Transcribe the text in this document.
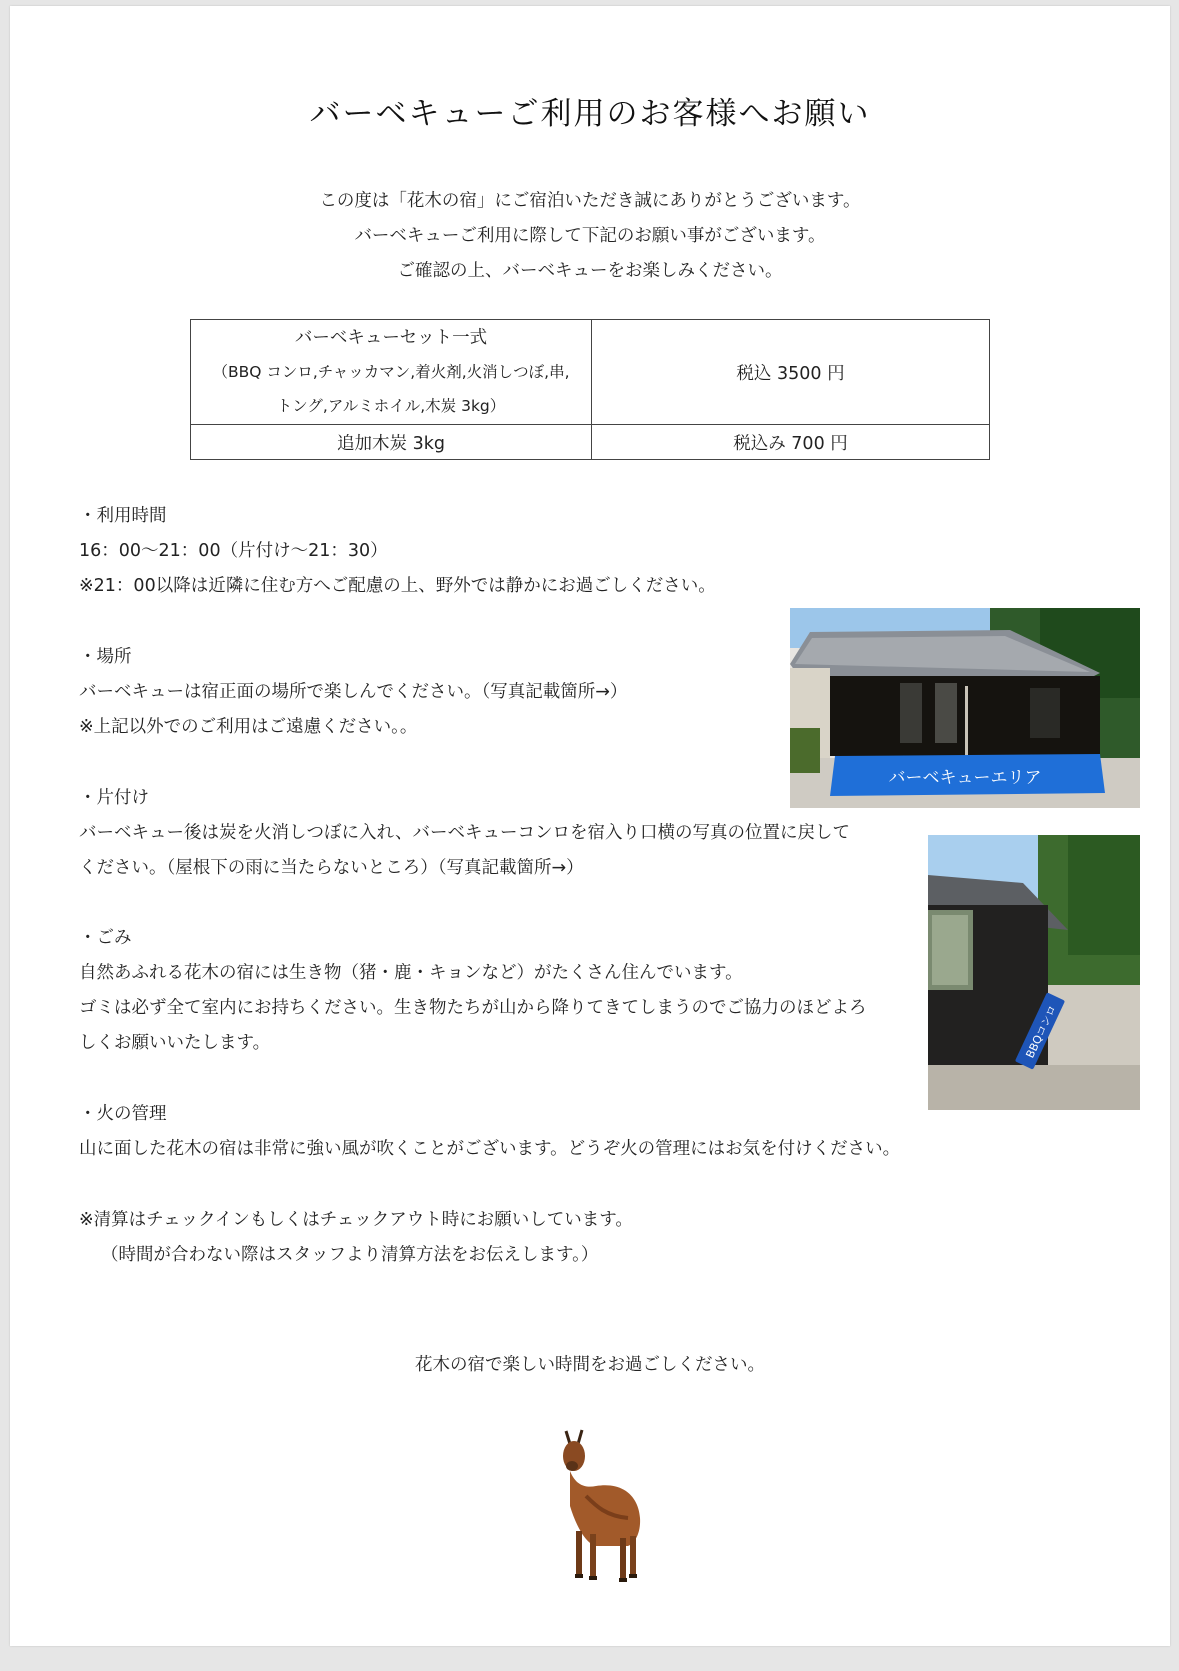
バーベキューご利用のお客様へお願い
この度は「花木の宿」にご宿泊いただき誠にありがとうございます。
バーベキューご利用に際して下記のお願い事がございます。
ご確認の上、バーベキューをお楽しみください。
バーベキューセット一式
（BBQ コンロ,チャッカマン,着火剤,火消しつぼ,串,
トング,アルミホイル,木炭 3kg）	税込 3500 円
追加木炭 3kg	税込み 700 円
・利用時間
16：00～21：00（片付け～21：30）
※21：00以降は近隣に住む方へご配慮の上、野外では静かにお過ごしください。
・場所
バーベキューは宿正面の場所で楽しんでください。（写真記載箇所→）
※上記以外でのご利用はご遠慮ください。。
・片付け
バーベキュー後は炭を火消しつぼに入れ、バーベキューコンロを宿入り口横の写真の位置に戻して
ください。（屋根下の雨に当たらないところ）（写真記載箇所→）
・ごみ
自然あふれる花木の宿には生き物（猪・鹿・キョンなど）がたくさん住んでいます。
ゴミは必ず全て室内にお持ちください。生き物たちが山から降りてきてしまうのでご協力のほどよろ
しくお願いいたします。
・火の管理
山に面した花木の宿は非常に強い風が吹くことがございます。どうぞ火の管理にはお気を付けください。
※清算はチェックインもしくはチェックアウト時にお願いしています。
（時間が合わない際はスタッフより清算方法をお伝えします。）
花木の宿で楽しい時間をお過ごしください。
バーベキューエリア
BBQコンロ
